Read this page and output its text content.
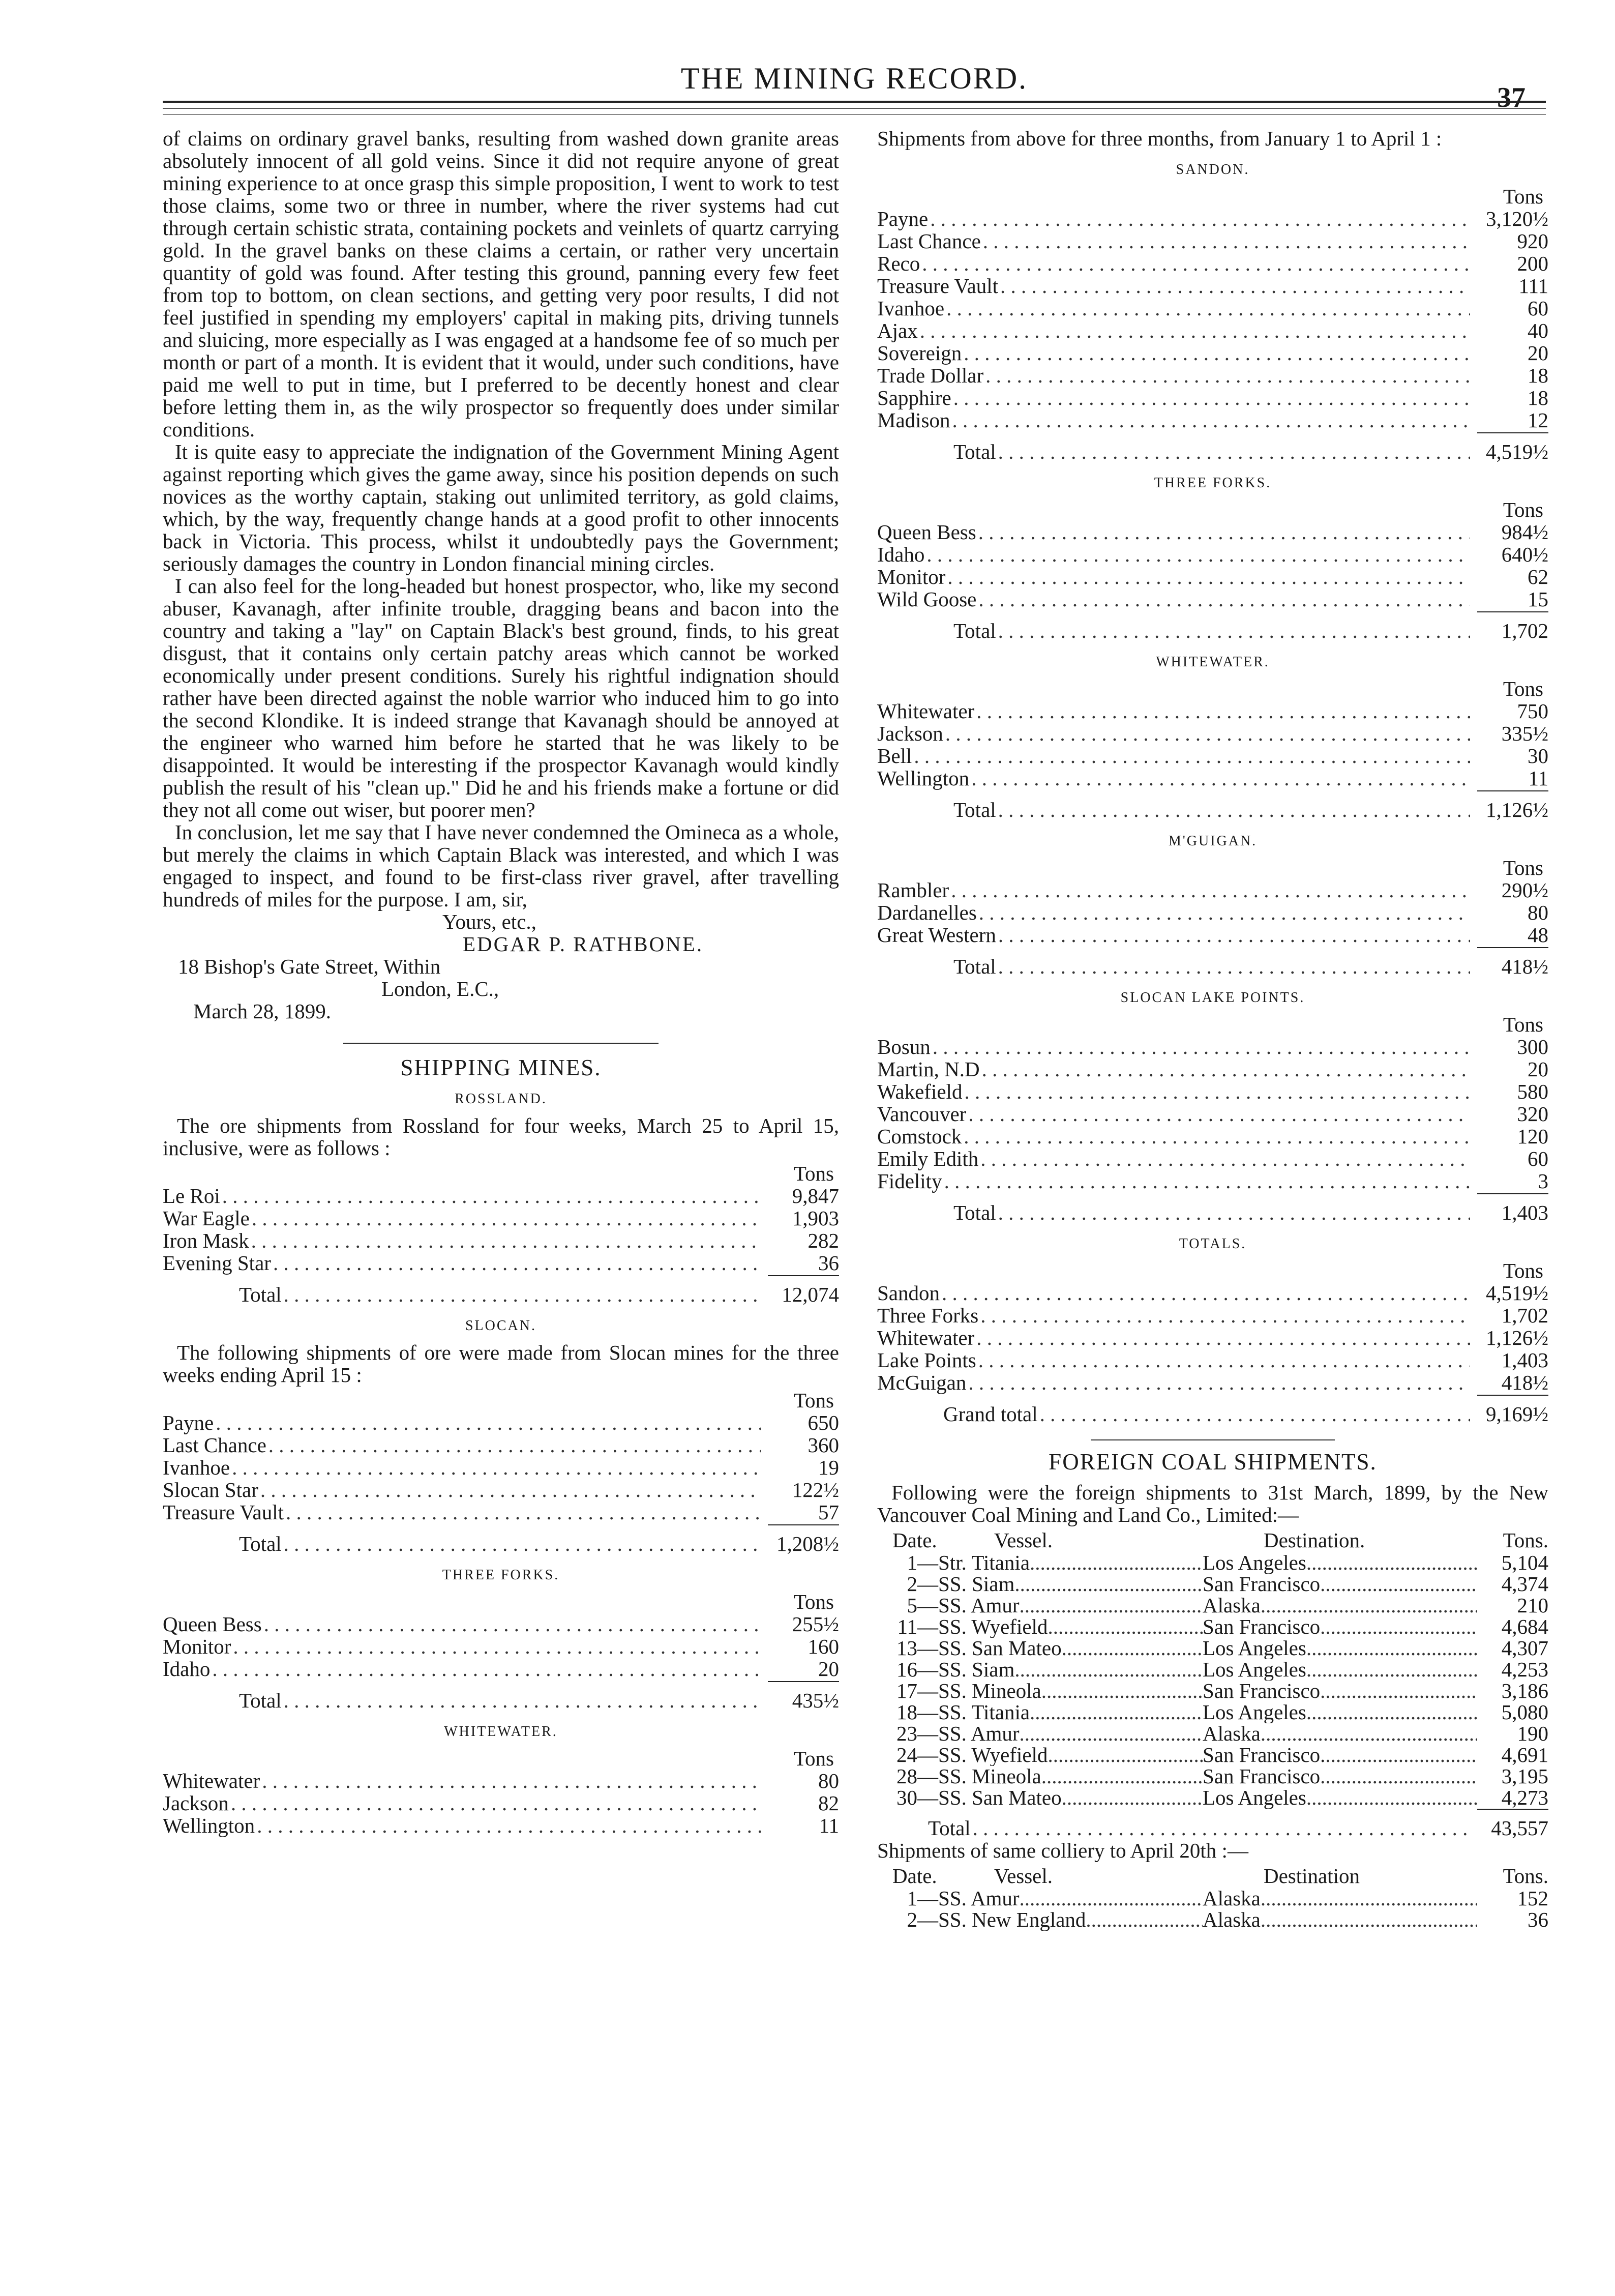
THE MINING RECORD.
37

of claims on ordinary gravel banks, resulting from washed down granite areas absolutely innocent of all gold veins. Since it did not require anyone of great mining experience to at once grasp this simple proposition, I went to work to test those claims, some two or three in number, where the river systems had cut through certain schistic strata, containing pockets and veinlets of quartz carrying gold. In the gravel banks on these claims a certain, or rather very uncertain quantity of gold was found. After testing this ground, panning every few feet from top to bottom, on clean sections, and getting very poor results, I did not feel justified in spending my employers' capital in making pits, driving tunnels and sluicing, more especially as I was engaged at a handsome fee of so much per month or part of a month. It is evident that it would, under such conditions, have paid me well to put in time, but I preferred to be decently honest and clear before letting them in, as the wily prospector so frequently does under similar conditions.

It is quite easy to appreciate the indignation of the Government Mining Agent against reporting which gives the game away, since his position depends on such novices as the worthy captain, staking out unlimited territory, as gold claims, which, by the way, frequently change hands at a good profit to other innocents back in Victoria. This process, whilst it undoubtedly pays the Government; seriously damages the country in London financial mining circles.

I can also feel for the long-headed but honest prospector, who, like my second abuser, Kavanagh, after infinite trouble, dragging beans and bacon into the country and taking a "lay" on Captain Black's best ground, finds, to his great disgust, that it contains only certain patchy areas which cannot be worked economically under present conditions. Surely his rightful indignation should rather have been directed against the noble warrior who induced him to go into the second Klondike. It is indeed strange that Kavanagh should be annoyed at the engineer who warned him before he started that he was likely to be disappointed. It would be interesting if the prospector Kavanagh would kindly publish the result of his "clean up." Did he and his friends make a fortune or did they not all come out wiser, but poorer men?

In conclusion, let me say that I have never condemned the Omineca as a whole, but merely the claims in which Captain Black was interested, and which I was engaged to inspect, and found to be first-class river gravel, after travelling hundreds of miles for the purpose. I am, sir,

Yours, etc.,

EDGAR P. RATHBONE.

18 Bishop's Gate Street, Within

London, E.C.,

March 28, 1899.

SHIPPING MINES.
ROSSLAND.

The ore shipments from Rossland for four weeks, March 25 to April 15, inclusive, were as follows :

Tons
Le Roi . . .	9,847
War Eagle . . .	1,903
Iron Mask . . .	282
Evening Star . . .	36
Total . . .	12,074
SLOCAN.

The following shipments of ore were made from Slocan mines for the three weeks ending April 15 :

Tons
Payne . . .	650
Last Chance . . .	360
Ivanhoe . . .	19
Slocan Star . . .	122½
Treasure Vault . . .	57
Total . . .	1,208½
THREE FORKS.
Tons
Queen Bess . . .	255½
Monitor . . .	160
Idaho . . .	20
Total . . .	435½
WHITEWATER.
Tons
Whitewater . . .	80
Jackson . . .	82
Wellington . . .	11

Shipments from above for three months, from January 1 to April 1 :

SANDON.
Tons
Payne . . .	3,120½
Last Chance . . .	920
Reco . . .	200
Treasure Vault . . .	111
Ivanhoe . . .	60
Ajax . . .	40
Sovereign . . .	20
Trade Dollar . . .	18
Sapphire . . .	18
Madison . . .	12
Total . . .	4,519½
THREE FORKS.
Tons
Queen Bess . . .	984½
Idaho . . .	640½
Monitor . . .	62
Wild Goose . . .	15
Total . . .	1,702
WHITEWATER.
Tons
Whitewater . . .	750
Jackson . . .	335½
Bell . . .	30
Wellington . . .	11
Total . . .	1,126½
M'GUIGAN.
Tons
Rambler . . .	290½
Dardanelles . . .	80
Great Western . . .	48
Total . . .	418½
SLOCAN LAKE POINTS.
Tons
Bosun . . .	300
Martin, N.D . . .	20
Wakefield . . .	580
Vancouver . . .	320
Comstock . . .	120
Emily Edith . . .	60
Fidelity . . .	3
Total . . .	1,403
TOTALS.
Tons
Sandon . . .	4,519½
Three Forks . . .	1,702
Whitewater . . .	1,126½
Lake Points . . .	1,403
McGuigan . . .	418½
Grand total . . .	9,169½
FOREIGN COAL SHIPMENTS.

Following were the foreign shipments to 31st March, 1899, by the New Vancouver Coal Mining and Land Co., Limited:—

Date.	Vessel.	Destination.	Tons.
1— Str. Titania .....	Los Angeles .....	5,104
2— SS. Siam .....	San Francisco .....	4,374
5— SS. Amur .....	Alaska .....	210
11— SS. Wyefield .....	San Francisco .....	4,684
13— SS. San Mateo .....	Los Angeles .....	4,307
16— SS. Siam .....	Los Angeles .....	4,253
17— SS. Mineola .....	San Francisco .....	3,186
18— SS. Titania .....	Los Angeles .....	5,080
23— SS. Amur .....	Alaska .....	190
24— SS. Wyefield .....	San Francisco. .....	4,691
28— SS. Mineola .....	San Francisco .....	3,195
30— SS. San Mateo .....	Los Angeles .....	4,273
Total . . .	43,557

Shipments of same colliery to April 20th :—

Date.	Vessel.	Destination	Tons.
1— SS. Amur .....	Alaska .....	152
2— SS. New England .....	Alaska .....	36
